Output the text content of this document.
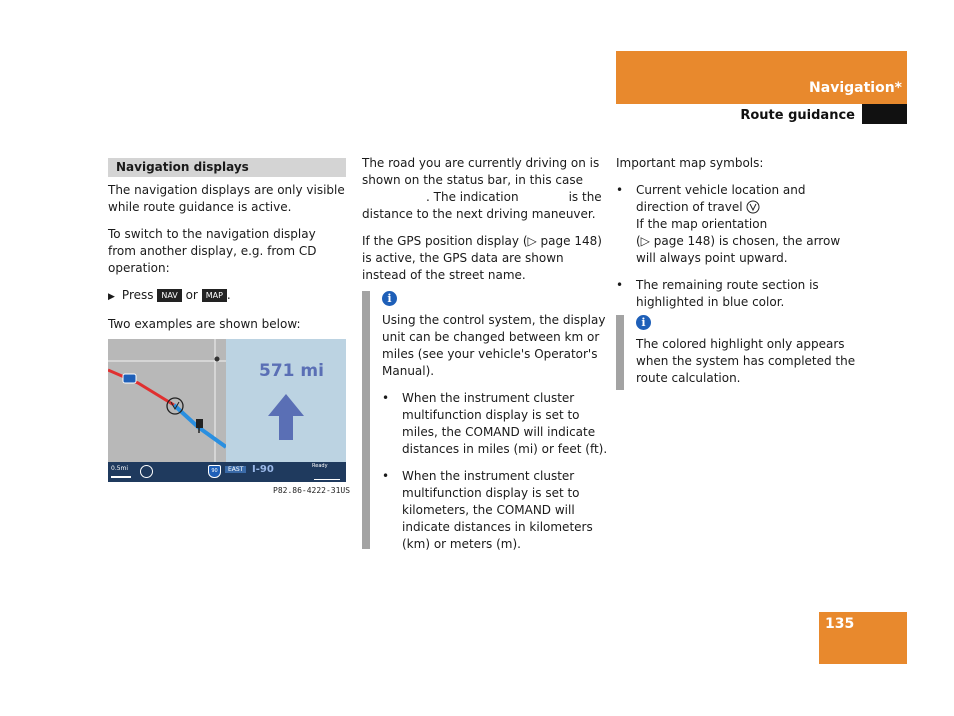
Navigation*
Route guidance
Navigation displays

The navigation displays are only visible while route guidance is active.

To switch to the navigation display from another display, e.g. from CD operation:

▶ Press NAV or MAP .

Two examples are shown below:

571 mi
0.5mi	90	EAST I-90	Ready
P82.86-4222-31US

The road you are currently driving on is shown on the status bar, in this case
. The indication	is the distance to the next driving maneuver.

If the GPS position display (▷ page 148) is active, the GPS data are shown instead of the street name.

i

Using the control system, the display unit can be changed between km or miles (see your vehicle's Operator's Manual).

• When the instrument cluster multifunction display is set to miles, the COMAND will indicate distances in miles (mi) or feet (ft).
• When the instrument cluster multifunction display is set to kilometers, the COMAND will indicate distances in kilometers (km) or meters (m).

Important map symbols:

• Current vehicle location and direction of travel
If the map orientation
(▷ page 148) is chosen, the arrow will always point upward.
• The remaining route section is highlighted in blue color.
i

The colored highlight only appears when the system has completed the route calculation.

135
